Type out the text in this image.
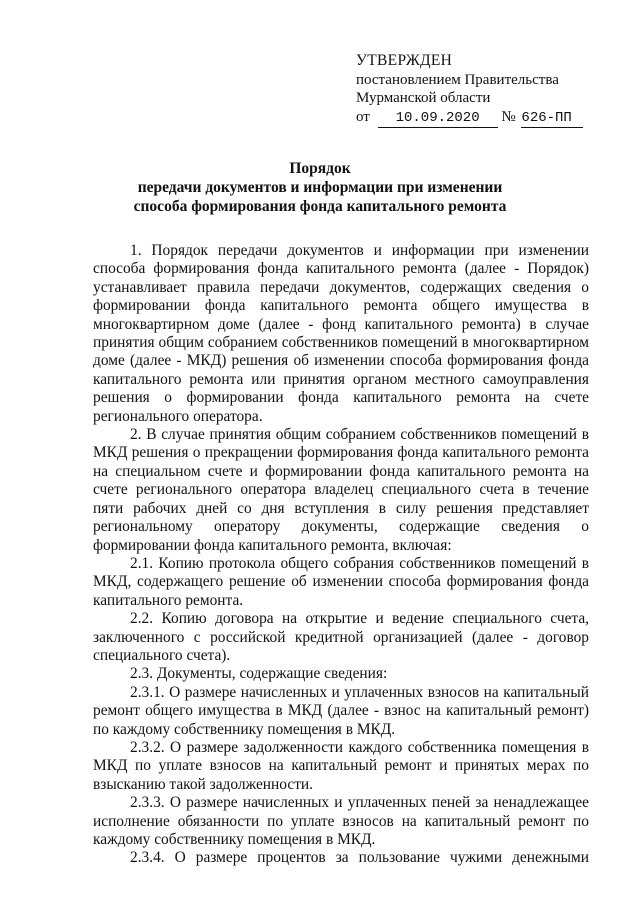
УТВЕРЖДЕН
постановлением Правительства
Мурманской области
от 10.09.2020 № 626-ПП
Порядок
передачи документов и информации при изменении
способа формирования фонда капитального ремонта

1. Порядок передачи документов и информации при изменении способа формирования фонда капитального ремонта (далее - Порядок) устанавливает правила передачи документов, содержащих сведения о формировании фонда капитального ремонта общего имущества в многоквартирном доме (далее - фонд капитального ремонта) в случае принятия общим собранием собственников помещений в многоквартирном доме (далее - МКД) решения об изменении способа формирования фонда капитального ремонта или принятия органом местного самоуправления решения о формировании фонда капитального ремонта на счете регионального оператора.

2. В случае принятия общим собранием собственников помещений в МКД решения о прекращении формирования фонда капитального ремонта на специальном счете и формировании фонда капитального ремонта на счете регионального оператора владелец специального счета в течение пяти рабочих дней со дня вступления в силу решения представляет региональному оператору документы, содержащие сведения о формировании фонда капитального ремонта, включая:

2.1. Копию протокола общего собрания собственников помещений в МКД, содержащего решение об изменении способа формирования фонда капитального ремонта.

2.2. Копию договора на открытие и ведение специального счета, заключенного с российской кредитной организацией (далее - договор специального счета).

2.3. Документы, содержащие сведения:

2.3.1. О размере начисленных и уплаченных взносов на капитальный ремонт общего имущества в МКД (далее - взнос на капитальный ремонт) по каждому собственнику помещения в МКД.

2.3.2. О размере задолженности каждого собственника помещения в МКД по уплате взносов на капитальный ремонт и принятых мерах по взысканию такой задолженности.

2.3.3. О размере начисленных и уплаченных пеней за ненадлежащее исполнение обязанности по уплате взносов на капитальный ремонт по каждому собственнику помещения в МКД.

2.3.4. О размере процентов за пользование чужими денежными
